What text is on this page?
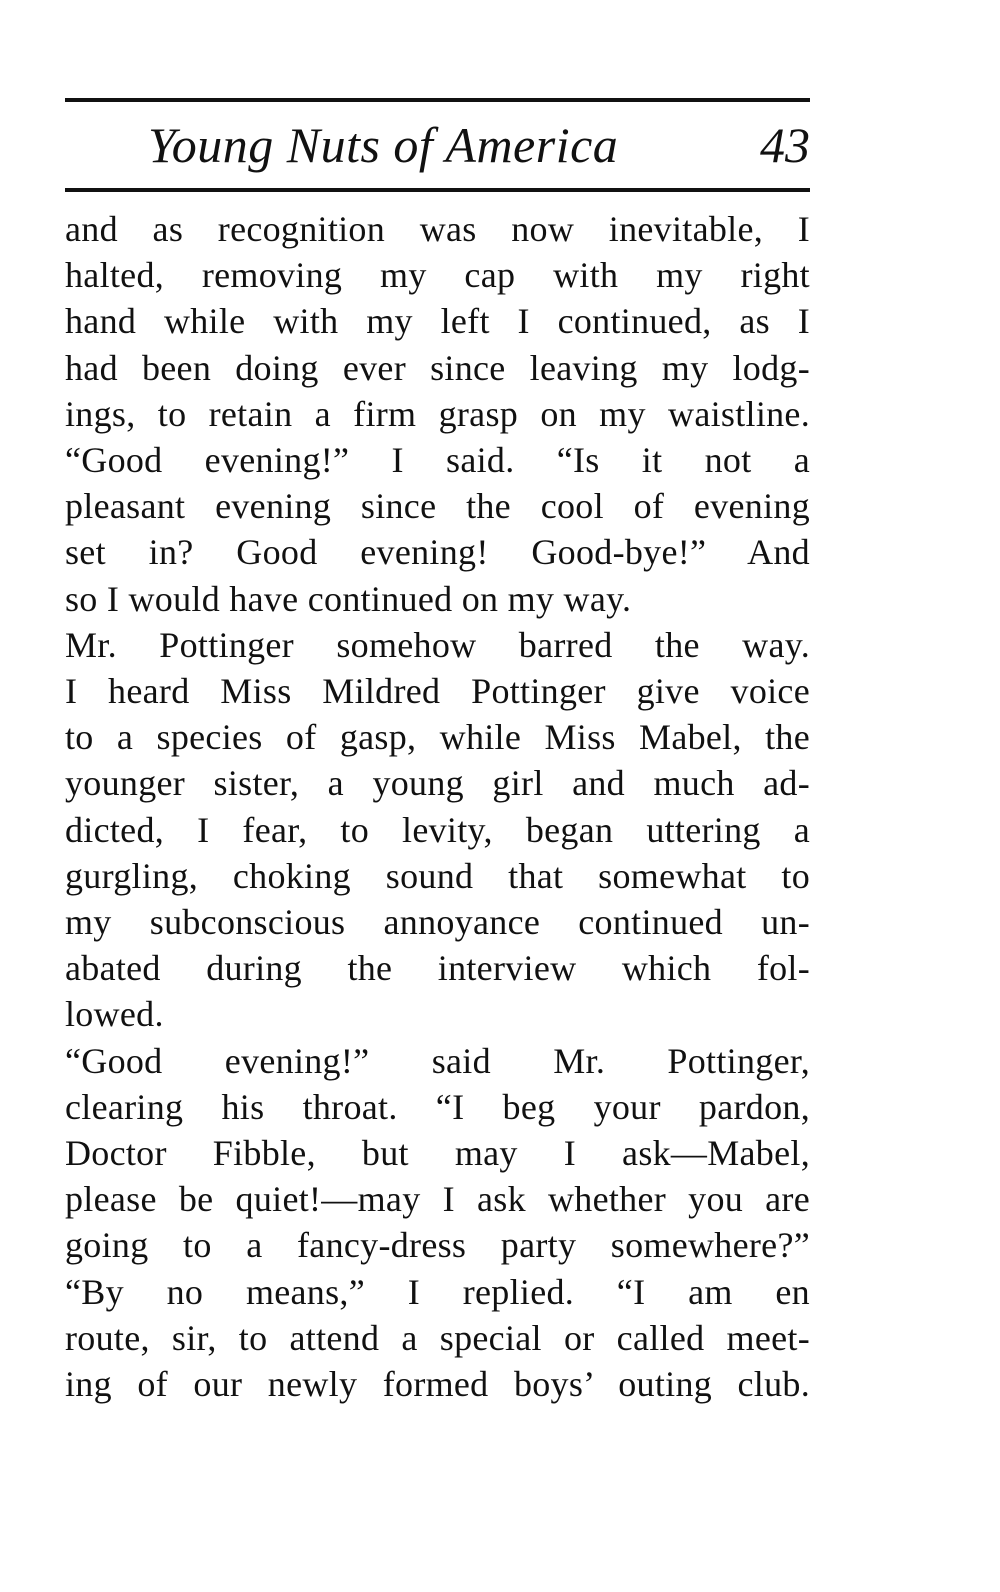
Young Nuts of America	43
and as recognition was now inevitable, I
halted, removing my cap with my right
hand while with my left I continued, as I
had been doing ever since leaving my lodg-
ings, to retain a firm grasp on my waistline.
“Good evening!” I said. “Is it not a
pleasant evening since the cool of evening
set in? Good evening! Good-bye!” And
so I would have continued on my way.
Mr. Pottinger somehow barred the way.
I heard Miss Mildred Pottinger give voice
to a species of gasp, while Miss Mabel, the
younger sister, a young girl and much ad-
dicted, I fear, to levity, began uttering a
gurgling, choking sound that somewhat to
my subconscious annoyance continued un-
abated during the interview which fol-
lowed.
“Good evening!” said Mr. Pottinger,
clearing his throat. “I beg your pardon,
Doctor Fibble, but may I ask—Mabel,
please be quiet!—may I ask whether you are
going to a fancy-dress party somewhere?”
“By no means,” I replied. “I am en
route, sir, to attend a special or called meet-
ing of our newly formed boys’ outing club.
